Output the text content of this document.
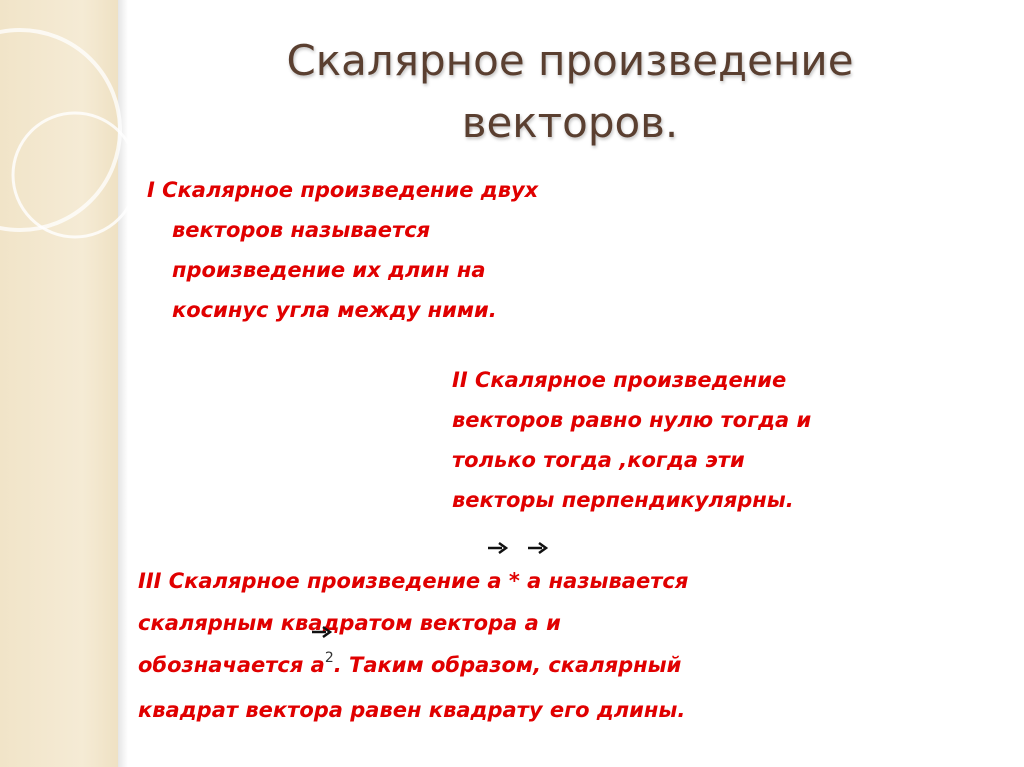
Скалярное произведение
векторов.
I Скалярное произведение двух
векторов называется
произведение их длин на
косинус угла между ними.
II Скалярное произведение
векторов равно нулю тогда и
только тогда ,когда эти
векторы перпендикулярны.
III Скалярное произведение
a *
a называется
скалярным квадратом вектора a и
обозначается
$a^2$. Таким образом, скалярный
квадрат вектора равен квадрату его длины.
